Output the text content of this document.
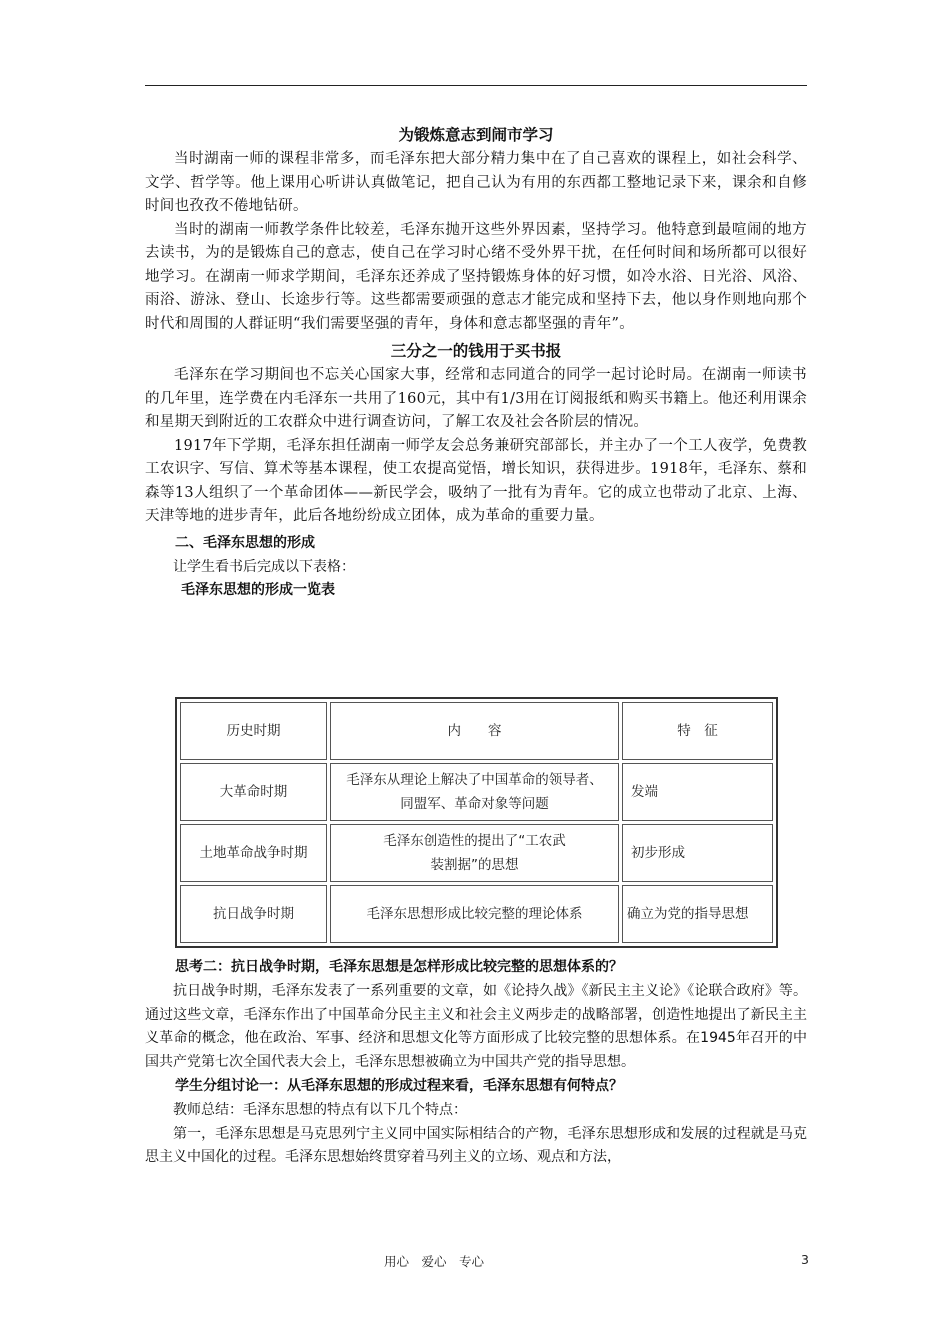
为锻炼意志到闹市学习

当时湖南一师的课程非常多，而毛泽东把大部分精力集中在了自己喜欢的课程上，如社会科学、文学、哲学等。他上课用心听讲认真做笔记，把自己认为有用的东西都工整地记录下来，课余和自修时间也孜孜不倦地钻研。

当时的湖南一师教学条件比较差，毛泽东抛开这些外界因素，坚持学习。他特意到最喧闹的地方去读书，为的是锻炼自己的意志，使自己在学习时心绪不受外界干扰，在任何时间和场所都可以很好地学习。在湖南一师求学期间，毛泽东还养成了坚持锻炼身体的好习惯，如冷水浴、日光浴、风浴、雨浴、游泳、登山、长途步行等。这些都需要顽强的意志才能完成和坚持下去，他以身作则地向那个时代和周围的人群证明“我们需要坚强的青年，身体和意志都坚强的青年”。

三分之一的钱用于买书报

毛泽东在学习期间也不忘关心国家大事，经常和志同道合的同学一起讨论时局。在湖南一师读书的几年里，连学费在内毛泽东一共用了160元，其中有1/3用在订阅报纸和购买书籍上。他还利用课余和星期天到附近的工农群众中进行调查访问，了解工农及社会各阶层的情况。

1917年下学期，毛泽东担任湖南一师学友会总务兼研究部部长，并主办了一个工人夜学，免费教工农识字、写信、算术等基本课程，使工农提高觉悟，增长知识，获得进步。1918年，毛泽东、蔡和森等13人组织了一个革命团体——新民学会，吸纳了一批有为青年。它的成立也带动了北京、上海、天津等地的进步青年，此后各地纷纷成立团体，成为革命的重要力量。

二、毛泽东思想的形成

让学生看书后完成以下表格：

毛泽东思想的形成一览表

历史时期	内　　容	特　征
大革命时期	毛泽东从理论上解决了中国革命的领导者、同盟军、革命对象等问题	发端
土地革命战争时期	毛泽东创造性的提出了“工农武装割据”的思想	初步形成
抗日战争时期	毛泽东思想形成比较完整的理论体系	确立为党的指导思想

思考二：抗日战争时期，毛泽东思想是怎样形成比较完整的思想体系的？

抗日战争时期，毛泽东发表了一系列重要的文章，如《论持久战》《新民主主义论》《论联合政府》等。通过这些文章，毛泽东作出了中国革命分民主主义和社会主义两步走的战略部署，创造性地提出了新民主主义革命的概念，他在政治、军事、经济和思想文化等方面形成了比较完整的思想体系。在1945年召开的中国共产党第七次全国代表大会上，毛泽东思想被确立为中国共产党的指导思想。

学生分组讨论一：从毛泽东思想的形成过程来看，毛泽东思想有何特点？

教师总结：毛泽东思想的特点有以下几个特点：

第一，毛泽东思想是马克思列宁主义同中国实际相结合的产物，毛泽东思想形成和发展的过程就是马克思主义中国化的过程。毛泽东思想始终贯穿着马列主义的立场、观点和方法，

用心　爱心　专心	3
